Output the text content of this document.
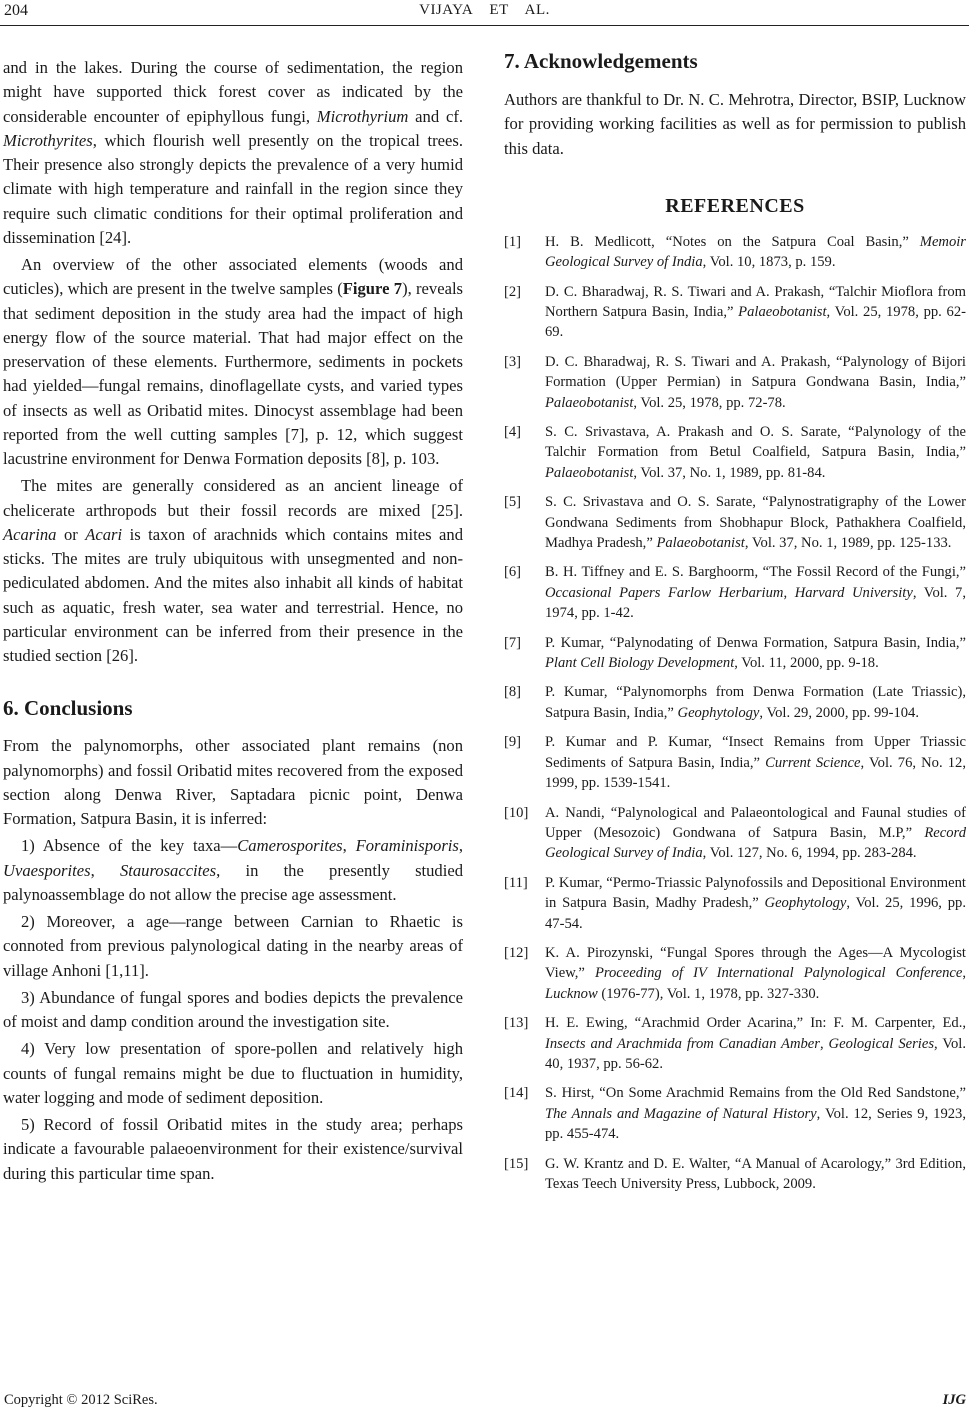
204	VIJAYA    ET    AL.

and in the lakes. During the course of sedimentation, the region might have supported thick forest cover as indicated by the considerable encounter of epiphyllous fungi, Microthyrium and cf. Microthyrites, which flourish well presently on the tropical trees. Their presence also strongly depicts the prevalence of a very humid climate with high temperature and rainfall in the region since they require such climatic conditions for their optimal proliferation and dissemination [24].

An overview of the other associated elements (woods and cuticles), which are present in the twelve samples (Figure 7), reveals that sediment deposition in the study area had the impact of high energy flow of the source material. That had major effect on the preservation of these elements. Furthermore, sediments in pockets had yielded—fungal remains, dinoflagellate cysts, and varied types of insects as well as Oribatid mites. Dinocyst assemblage had been reported from the well cutting samples [7], p. 12, which suggest lacustrine environment for Denwa Formation deposits [8], p. 103.

The mites are generally considered as an ancient lineage of chelicerate arthropods but their fossil records are mixed [25]. Acarina or Acari is taxon of arachnids which contains mites and sticks. The mites are truly ubiquitous with unsegmented and non-pediculated abdomen. And the mites also inhabit all kinds of habitat such as aquatic, fresh water, sea water and terrestrial. Hence, no particular environment can be inferred from their presence in the studied section [26].

6. Conclusions

From the palynomorphs, other associated plant remains (non palynomorphs) and fossil Oribatid mites recovered from the exposed section along Denwa River, Saptadara picnic point, Denwa Formation, Satpura Basin, it is inferred:

1) Absence of the key taxa—Camerosporites, Foraminisporis, Uvaesporites, Staurosaccites, in the presently studied palynoassemblage do not allow the precise age assessment.

2) Moreover, a age—range between Carnian to Rhaetic is connoted from previous palynological dating in the nearby areas of village Anhoni [1,11].

3) Abundance of fungal spores and bodies depicts the prevalence of moist and damp condition around the investigation site.

4) Very low presentation of spore-pollen and relatively high counts of fungal remains might be due to fluctuation in humidity, water logging and mode of sediment deposition.

5) Record of fossil Oribatid mites in the study area; perhaps indicate a favourable palaeoenvironment for their existence/survival during this particular time span.

7. Acknowledgements

Authors are thankful to Dr. N. C. Mehrotra, Director, BSIP, Lucknow for providing working facilities as well as for permission to publish this data.

REFERENCES
[1]	H. B. Medlicott, “Notes on the Satpura Coal Basin,” Memoir Geological Survey of India, Vol. 10, 1873, p. 159.
[2]	D. C. Bharadwaj, R. S. Tiwari and A. Prakash, “Talchir Mioflora from Northern Satpura Basin, India,” Palaeobotanist, Vol. 25, 1978, pp. 62-69.
[3]	D. C. Bharadwaj, R. S. Tiwari and A. Prakash, “Palynology of Bijori Formation (Upper Permian) in Satpura Gondwana Basin, India,” Palaeobotanist, Vol. 25, 1978, pp. 72-78.
[4]	S. C. Srivastava, A. Prakash and O. S. Sarate, “Palynology of the Talchir Formation from Betul Coalfield, Satpura Basin, India,” Palaeobotanist, Vol. 37, No. 1, 1989, pp. 81-84.
[5]	S. C. Srivastava and O. S. Sarate, “Palynostratigraphy of the Lower Gondwana Sediments from Shobhapur Block, Pathakhera Coalfield, Madhya Pradesh,” Palaeobotanist, Vol. 37, No. 1, 1989, pp. 125-133.
[6]	B. H. Tiffney and E. S. Barghoorm, “The Fossil Record of the Fungi,” Occasional Papers Farlow Herbarium, Harvard University, Vol. 7, 1974, pp. 1-42.
[7]	P. Kumar, “Palynodating of Denwa Formation, Satpura Basin, India,” Plant Cell Biology Development, Vol. 11, 2000, pp. 9-18.
[8]	P. Kumar, “Palynomorphs from Denwa Formation (Late Triassic), Satpura Basin, India,” Geophytology, Vol. 29, 2000, pp. 99-104.
[9]	P. Kumar and P. Kumar, “Insect Remains from Upper Triassic Sediments of Satpura Basin, India,” Current Science, Vol. 76, No. 12, 1999, pp. 1539-1541.
[10]	A. Nandi, “Palynological and Palaeontological and Faunal studies of Upper (Mesozoic) Gondwana of Satpura Basin, M.P,” Record Geological Survey of India, Vol. 127, No. 6, 1994, pp. 283-284.
[11]	P. Kumar, “Permo-Triassic Palynofossils and Depositional Environment in Satpura Basin, Madhy Pradesh,” Geophytology, Vol. 25, 1996, pp. 47-54.
[12]	K. A. Pirozynski, “Fungal Spores through the Ages—A Mycologist View,” Proceeding of IV International Palynological Conference, Lucknow (1976-77), Vol. 1, 1978, pp. 327-330.
[13]	H. E. Ewing, “Arachmid Order Acarina,” In: F. M. Carpenter, Ed., Insects and Arachmida from Canadian Amber, Geological Series, Vol. 40, 1937, pp. 56-62.
[14]	S. Hirst, “On Some Arachmid Remains from the Old Red Sandstone,” The Annals and Magazine of Natural History, Vol. 12, Series 9, 1923, pp. 455-474.
[15]	G. W. Krantz and D. E. Walter, “A Manual of Acarology,” 3rd Edition, Texas Teech University Press, Lubbock, 2009.
Copyright © 2012 SciRes.	IJG
